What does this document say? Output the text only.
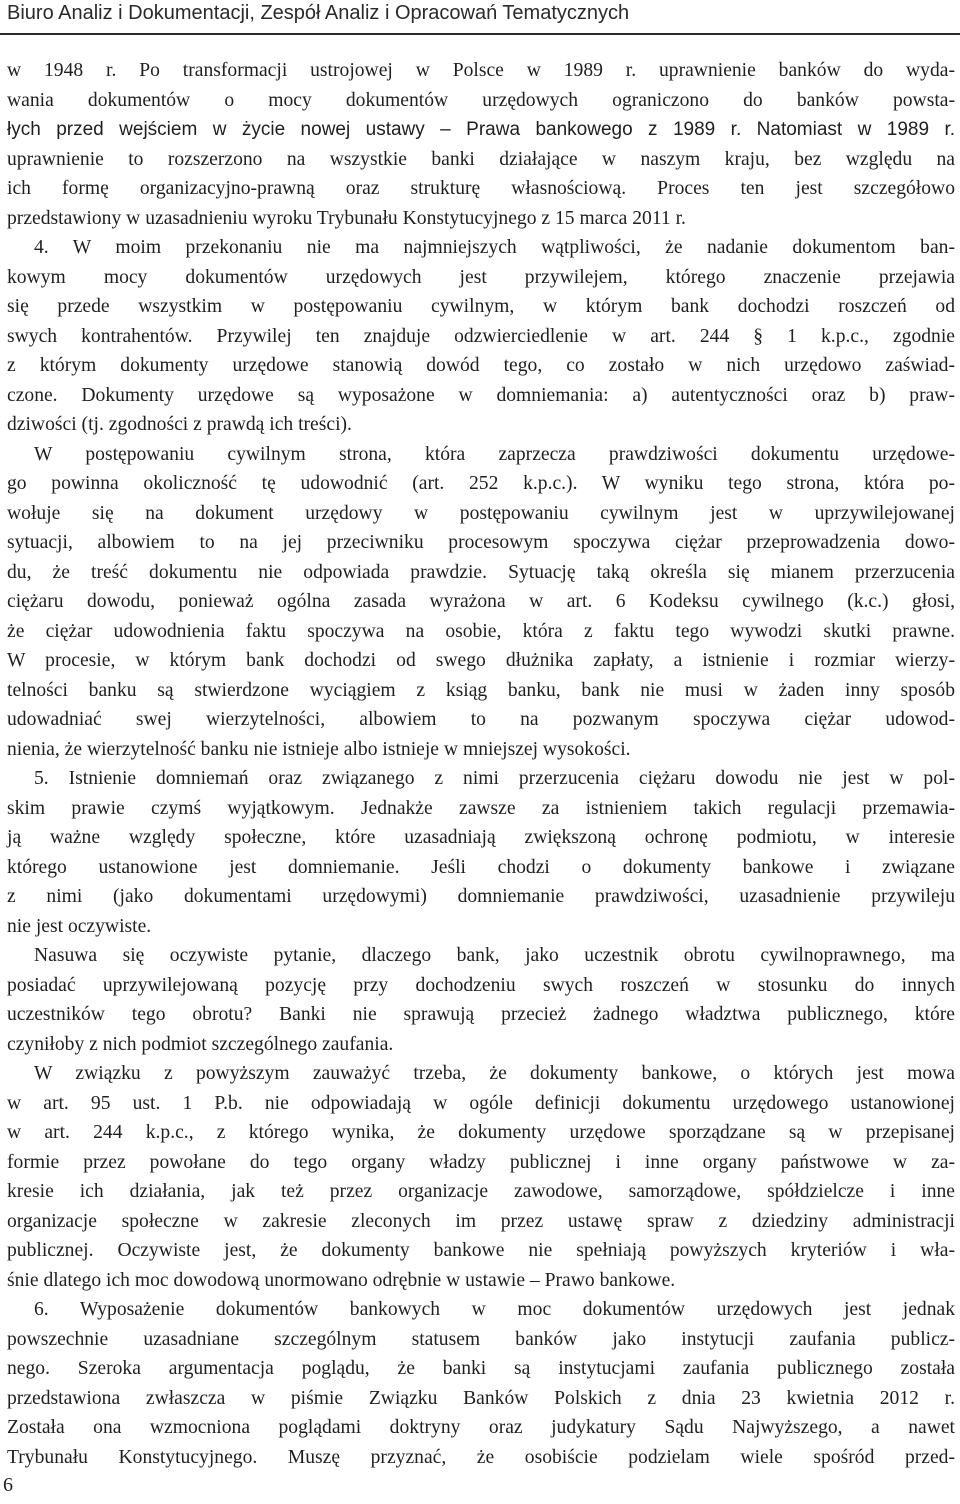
Biuro Analiz i Dokumentacji, Zespół Analiz i Opracowań Tematycznych
w 1948 r. Po transformacji ustrojowej w Polsce w 1989 r. uprawnienie banków do wyda-
wania dokumentów o mocy dokumentów urzędowych ograniczono do banków powsta-
łych przed wejściem w życie nowej ustawy – Prawa bankowego z 1989 r. Natomiast w 1989 r.
uprawnienie to rozszerzono na wszystkie banki działające w naszym kraju, bez względu na
ich formę organizacyjno-prawną oraz strukturę własnościową. Proces ten jest szczegółowo
przedstawiony w uzasadnieniu wyroku Trybunału Konstytucyjnego z 15 marca 2011 r.
4. W moim przekonaniu nie ma najmniejszych wątpliwości, że nadanie dokumentom ban-
kowym mocy dokumentów urzędowych jest przywilejem, którego znaczenie przejawia
się przede wszystkim w postępowaniu cywilnym, w którym bank dochodzi roszczeń od
swych kontrahentów. Przywilej ten znajduje odzwierciedlenie w art. 244 § 1 k.p.c., zgodnie
z którym dokumenty urzędowe stanowią dowód tego, co zostało w nich urzędowo zaświad-
czone. Dokumenty urzędowe są wyposażone w domniemania: a) autentyczności oraz b) praw-
dziwości (tj. zgodności z prawdą ich treści).
W postępowaniu cywilnym strona, która zaprzecza prawdziwości dokumentu urzędowe-
go powinna okoliczność tę udowodnić (art. 252 k.p.c.). W wyniku tego strona, która po-
wołuje się na dokument urzędowy w postępowaniu cywilnym jest w uprzywilejowanej
sytuacji, albowiem to na jej przeciwniku procesowym spoczywa ciężar przeprowadzenia dowo-
du, że treść dokumentu nie odpowiada prawdzie. Sytuację taką określa się mianem przerzucenia
ciężaru dowodu, ponieważ ogólna zasada wyrażona w art. 6 Kodeksu cywilnego (k.c.) głosi,
że ciężar udowodnienia faktu spoczywa na osobie, która z faktu tego wywodzi skutki prawne.
W procesie, w którym bank dochodzi od swego dłużnika zapłaty, a istnienie i rozmiar wierzy-
telności banku są stwierdzone wyciągiem z ksiąg banku, bank nie musi w żaden inny sposób
udowadniać swej wierzytelności, albowiem to na pozwanym spoczywa ciężar udowod-
nienia, że wierzytelność banku nie istnieje albo istnieje w mniejszej wysokości.
5. Istnienie domniemań oraz związanego z nimi przerzucenia ciężaru dowodu nie jest w pol-
skim prawie czymś wyjątkowym. Jednakże zawsze za istnieniem takich regulacji przemawia-
ją ważne względy społeczne, które uzasadniają zwiększoną ochronę podmiotu, w interesie
którego ustanowione jest domniemanie. Jeśli chodzi o dokumenty bankowe i związane
z nimi (jako dokumentami urzędowymi) domniemanie prawdziwości, uzasadnienie przywileju
nie jest oczywiste.
Nasuwa się oczywiste pytanie, dlaczego bank, jako uczestnik obrotu cywilnoprawnego, ma
posiadać uprzywilejowaną pozycję przy dochodzeniu swych roszczeń w stosunku do innych
uczestników tego obrotu? Banki nie sprawują przecież żadnego władztwa publicznego, które
czyniłoby z nich podmiot szczególnego zaufania.
W związku z powyższym zauważyć trzeba, że dokumenty bankowe, o których jest mowa
w art. 95 ust. 1 P.b. nie odpowiadają w ogóle definicji dokumentu urzędowego ustanowionej
w art. 244 k.p.c., z którego wynika, że dokumenty urzędowe sporządzane są w przepisanej
formie przez powołane do tego organy władzy publicznej i inne organy państwowe w za-
kresie ich działania, jak też przez organizacje zawodowe, samorządowe, spółdzielcze i inne
organizacje społeczne w zakresie zleconych im przez ustawę spraw z dziedziny administracji
publicznej. Oczywiste jest, że dokumenty bankowe nie spełniają powyższych kryteriów i wła-
śnie dlatego ich moc dowodową unormowano odrębnie w ustawie – Prawo bankowe.
6. Wyposażenie dokumentów bankowych w moc dokumentów urzędowych jest jednak
powszechnie uzasadniane szczególnym statusem banków jako instytucji zaufania publicz-
nego. Szeroka argumentacja poglądu, że banki są instytucjami zaufania publicznego została
przedstawiona zwłaszcza w piśmie Związku Banków Polskich z dnia 23 kwietnia 2012 r.
Została ona wzmocniona poglądami doktryny oraz judykatury Sądu Najwyższego, a nawet
Trybunału Konstytucyjnego. Muszę przyznać, że osobiście podzielam wiele spośród przed-
6
